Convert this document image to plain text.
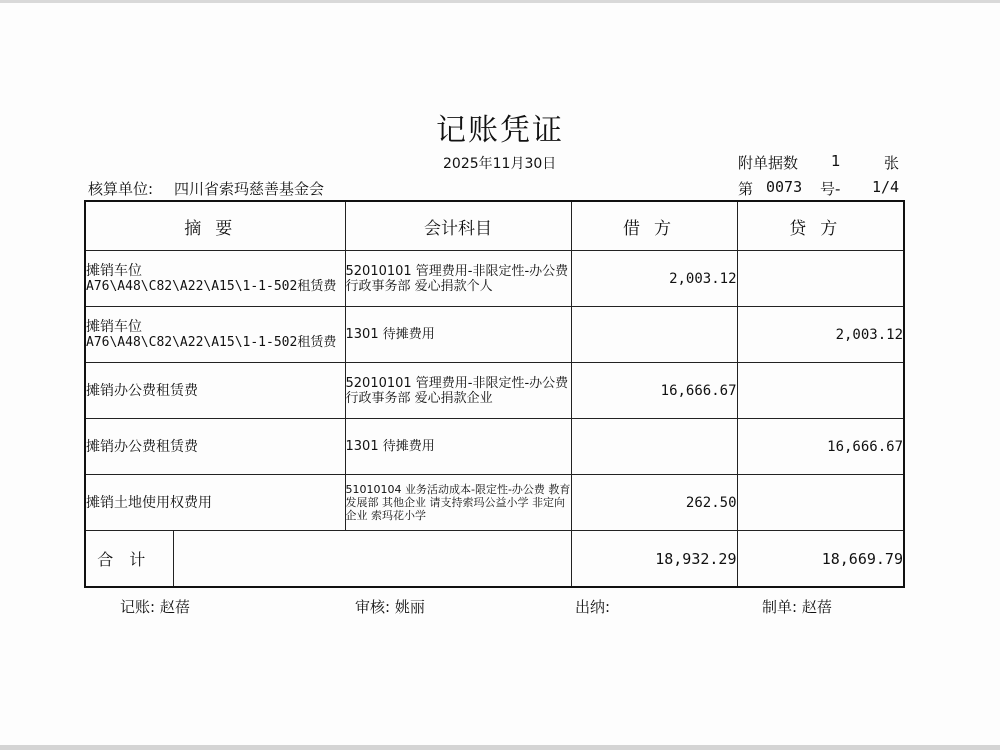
记账凭证
2025年11月30日	附单据数 1	张
核算单位: 四川省索玛慈善基金会	第 0073 号- 1/4
摘要		会计科目	借方	贷方

摊销车位
A76\A48\C82\A22\A15\1-1-502租赁费		52010101 管理费用-非限定性-办公费 行政事务部 爱心捐款个人	2,003.12	

摊销车位
A76\A48\C82\A22\A15\1-1-502租赁费		1301 待摊费用		2,003.12
摊销办公费租赁费		52010101 管理费用-非限定性-办公费 行政事务部 爱心捐款企业	16,666.67	
摊销办公费租赁费		1301 待摊费用		16,666.67
摊销土地使用权费用		51010104 业务活动成本-限定性-办公费 教育发展部 其他企业 请支持索玛公益小学 非定向 企业 索玛花小学	262.50	
合计			18,932.29	18,669.79
记账: 赵蓓	审核: 姚丽	出纳:	制单: 赵蓓
